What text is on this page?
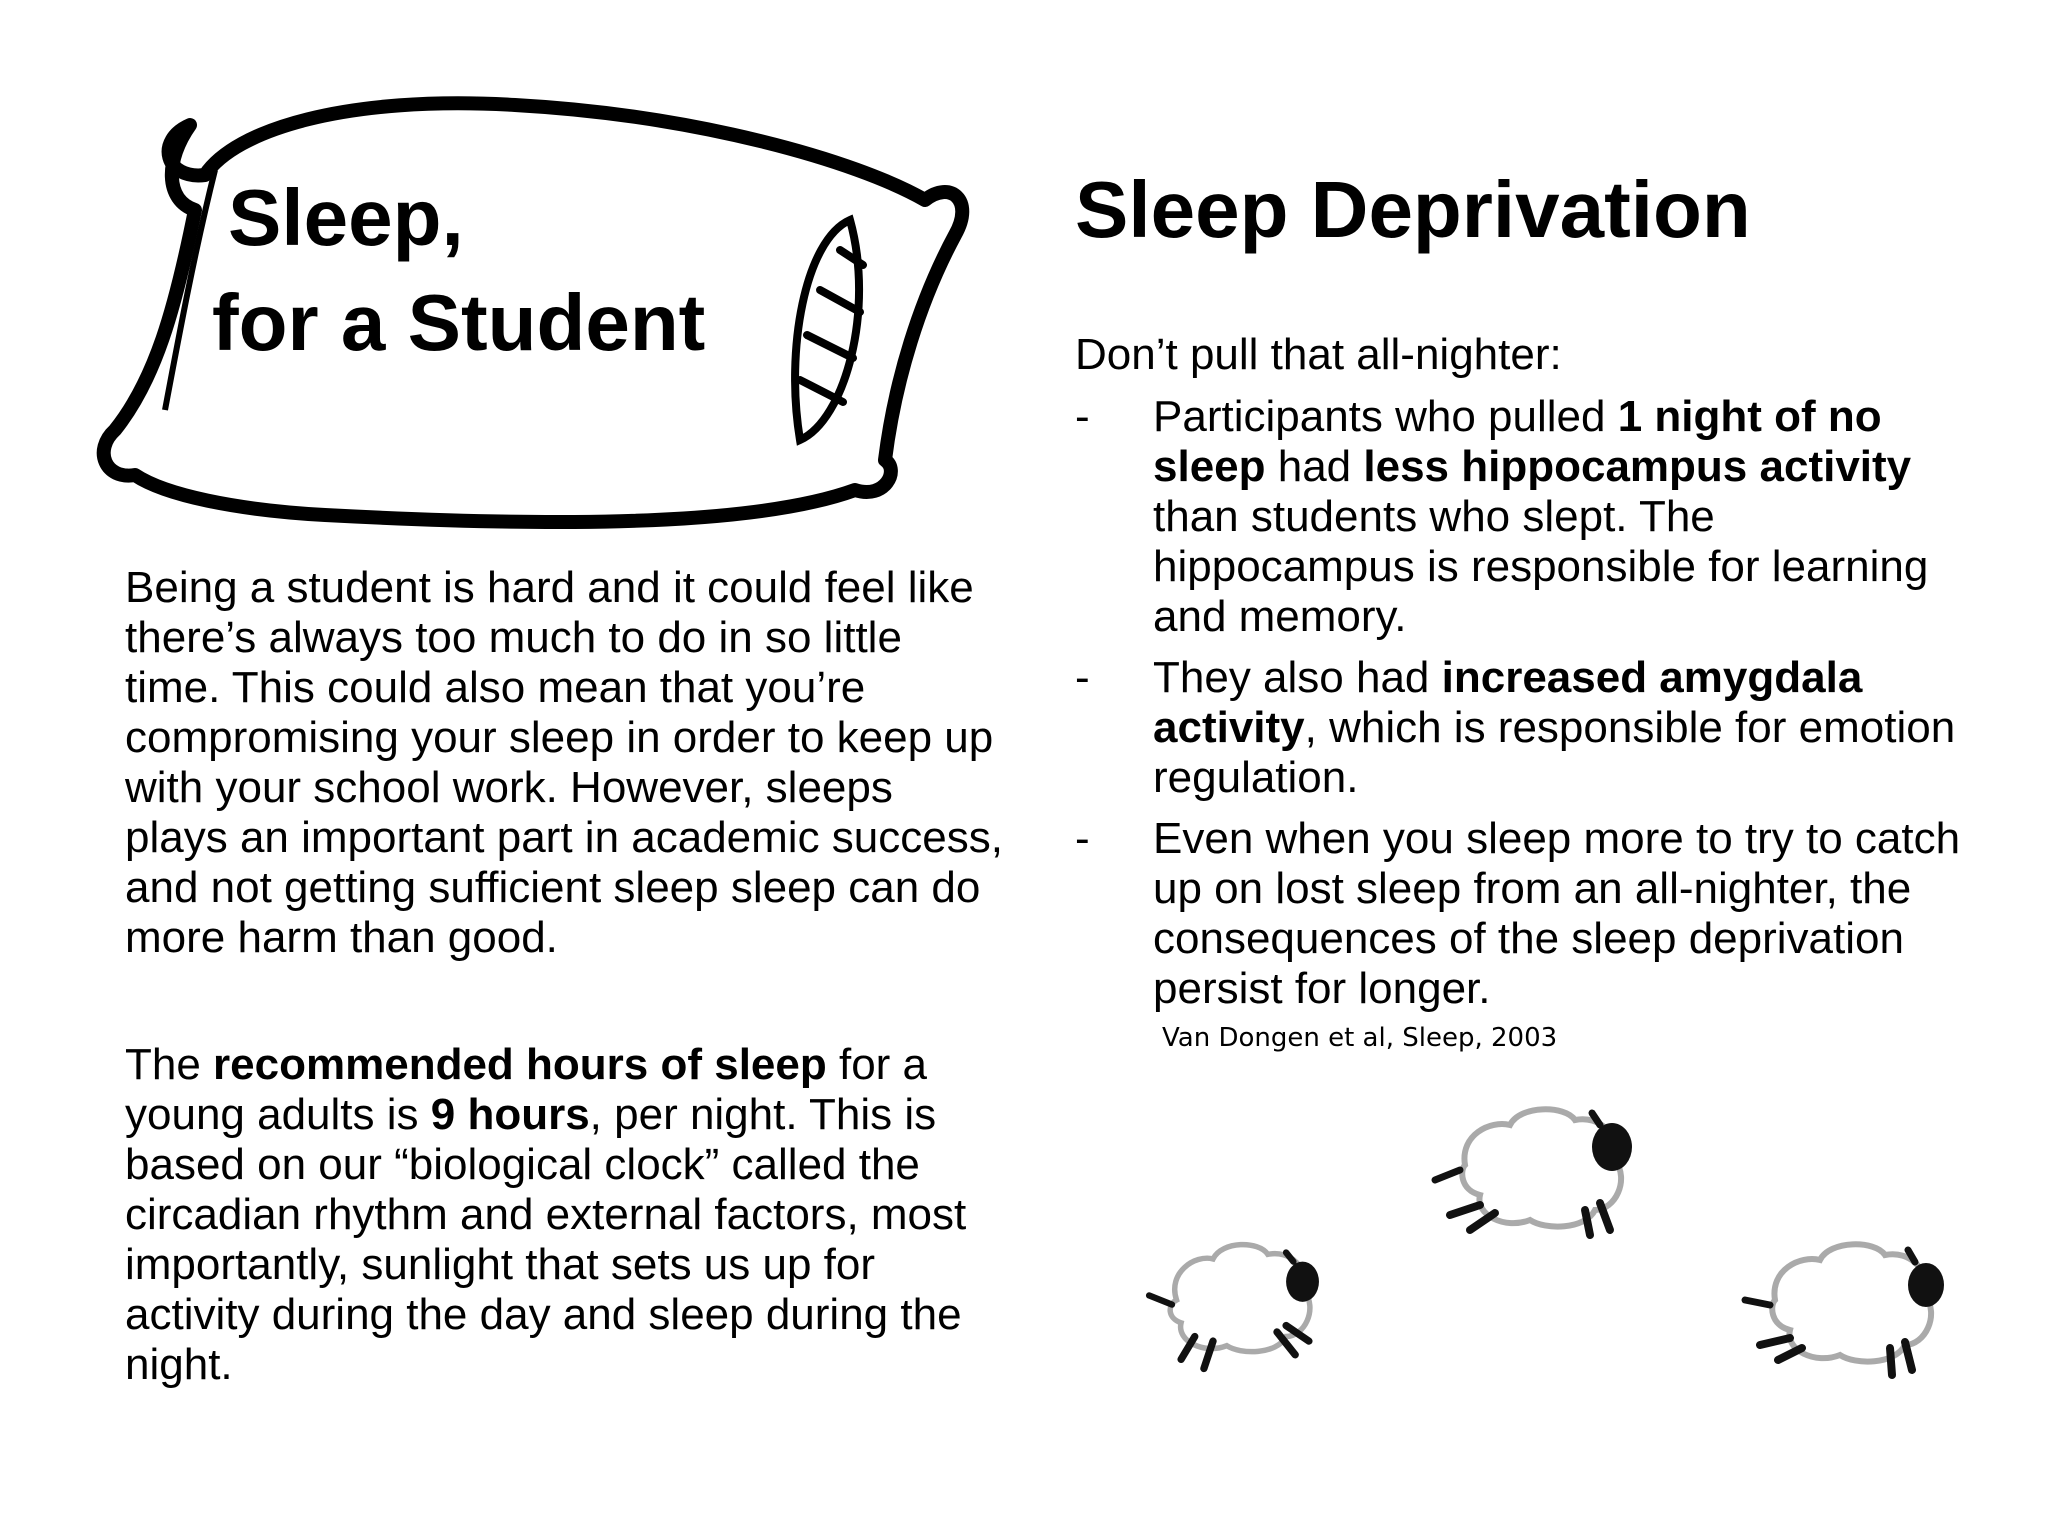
Sleep,

for a Student

Being a student is hard and it could feel like there’s always too much to do in so little time. This could also mean that you’re compromising your sleep in order to keep up with your school work. However, sleeps plays an important part in academic success, and not getting sufficient sleep sleep can do more harm than good.

The recommended hours of sleep for a young adults is 9 hours, per night. This is based on our “biological clock” called the circadian rhythm and external factors, most importantly, sunlight that sets us up for activity during the day and sleep during the night.

Sleep Deprivation

Don’t pull that all-nighter:

- Participants who pulled 1 night of no sleep had less hippocampus activity than students who slept. The hippocampus is responsible for learning and memory.
- They also had increased amygdala activity, which is responsible for emotion regulation.
- Even when you sleep more to try to catch up on lost sleep from an all-nighter, the consequences of the sleep deprivation persist for longer.

Van Dongen et al, Sleep, 2003
